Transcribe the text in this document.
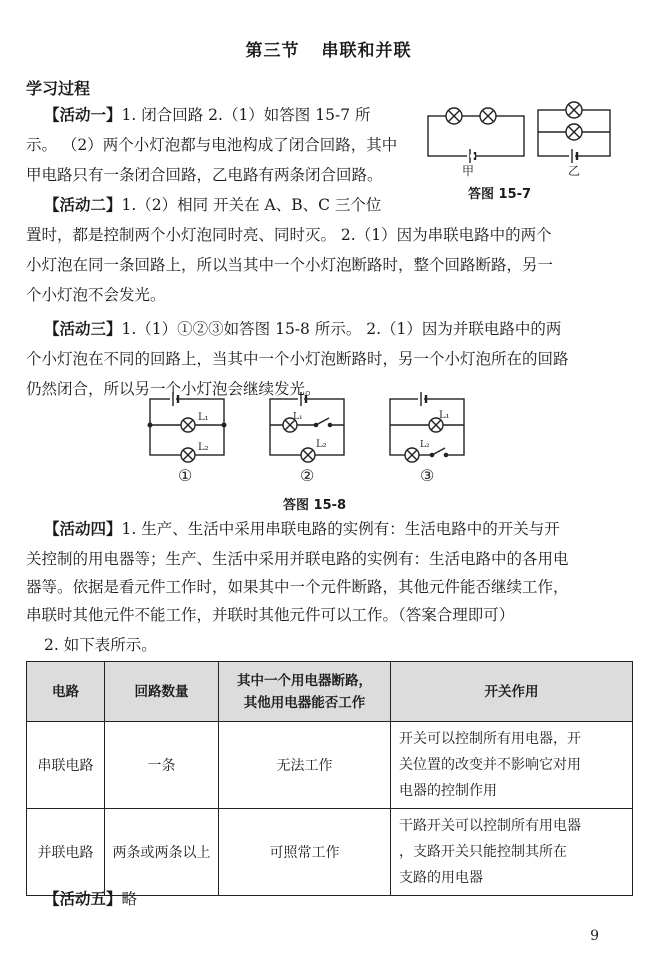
第三节 串联和并联
学习过程

【活动一】1. 闭合回路 2.（1）如答图 15-7 所

示。 （2）两个小灯泡都与电池构成了闭合回路，其中

甲电路只有一条闭合回路，乙电路有两条闭合回路。	甲	乙
答图 15-7

【活动二】1.（2）相同 开关在 A、B、C 三个位

置时，都是控制两个小灯泡同时亮、同时灭。 2.（1）因为串联电路中的两个

小灯泡在同一条回路上，所以当其中一个小灯泡断路时，整个回路断路，另一

个小灯泡不会发光。

【活动三】1.（1）①②③如答图 15-8 所示。 2.（1）因为并联电路中的两

个小灯泡在不同的回路上，当其中一个小灯泡断路时，另一个小灯泡所在的回路

仍然闭合，所以另一个小灯泡会继续发光。

L₁
L₂
L₁
L₂
L₁
L₂
①	②	③
答图 15-8

【活动四】1. 生产、生活中采用串联电路的实例有：生活电路中的开关与开

关控制的用电器等；生产、生活中采用并联电路的实例有：生活电路中的各用电

器等。依据是看元件工作时，如果其中一个元件断路，其他元件能否继续工作，

串联时其他元件不能工作，并联时其他元件可以工作。（答案合理即可）

2. 如下表所示。

电路	回路数量	其中一个用电器断路，
其他用电器能否工作	开关作用
串联电路	一条	无法工作	开关可以控制所有用电器，开
关位置的改变并不影响它对用
电器的控制作用

并联电路	两条或两条以上	可照常工作	干路开关可以控制所有用电器
，支路开关只能控制其所在
支路的用电器

【活动五】略

9
